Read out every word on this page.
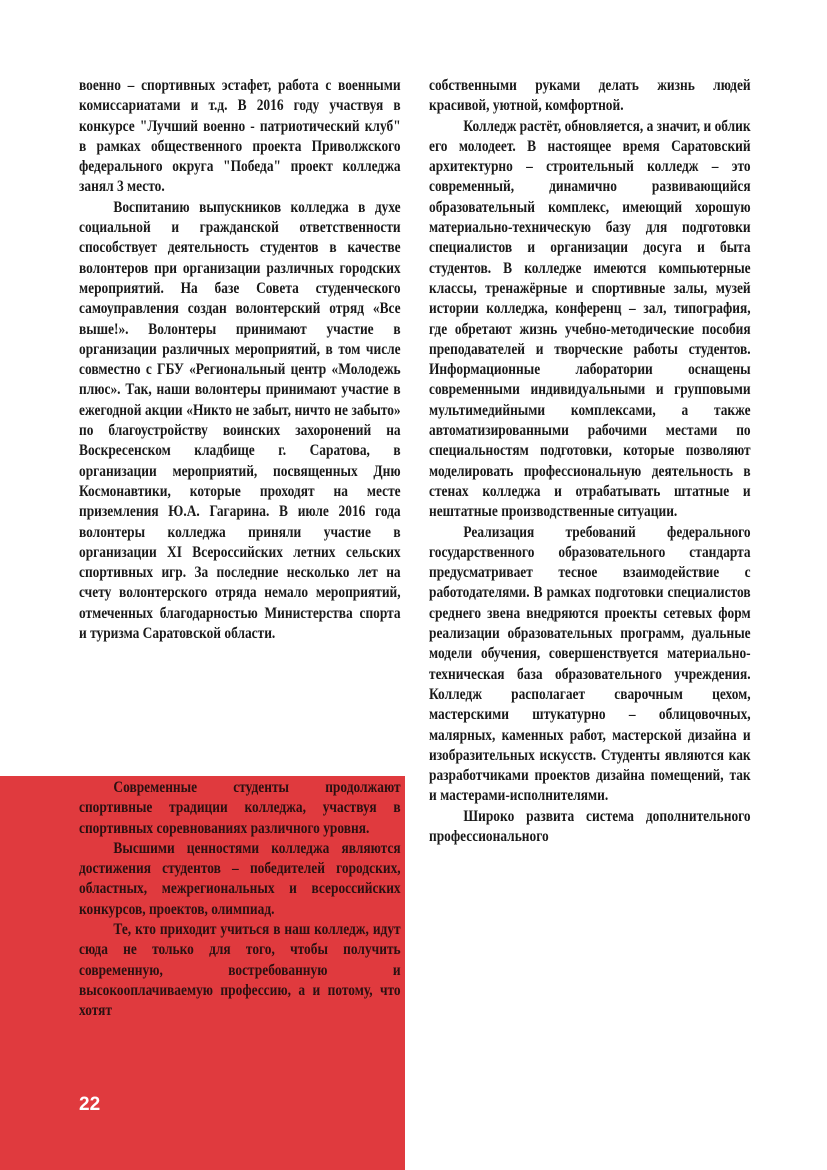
военно – спортивных эстафет, работа с военными комиссариатами и т.д. В 2016 году участвуя в конкурсе "Лучший военно - патриотический клуб" в рамках общественного проекта Приволжского федерального округа "Победа" проект колледжа занял 3 место.

Воспитанию выпускников колледжа в духе социальной и гражданской ответственности способствует деятельность студентов в качестве волонтеров при организации различных городских мероприятий. На базе Совета студенческого самоуправления создан волонтерский отряд «Все выше!». Волонтеры принимают участие в организации различных мероприятий, в том числе совместно с ГБУ «Региональный центр «Молодежь плюс». Так, наши волонтеры принимают участие в ежегодной акции «Никто не забыт, ничто не забыто» по благоустройству воинских захоронений на Воскресенском кладбище г. Саратова, в организации мероприятий, посвященных Дню Космонавтики, которые проходят на месте приземления Ю.А. Гагарина. В июле 2016 года волонтеры колледжа приняли участие в организации XI Всероссийских летних сельских спортивных игр. За последние несколько лет на счету волонтерского отряда немало мероприятий, отмеченных благодарностью Министерства спорта и туризма Саратовской области.

Современные студенты продолжают спортивные традиции колледжа, участвуя в спортивных соревнованиях различного уровня.

Высшими ценностями колледжа являются достижения студентов – победителей городских, областных, межрегиональных и всероссийских конкурсов, проектов, олимпиад.

Те, кто приходит учиться в наш колледж, идут сюда не только для того, чтобы получить современную, востребованную и высокооплачиваемую профессию, а и потому, что хотят

собственными руками делать жизнь людей красивой, уютной, комфортной.

Колледж растёт, обновляется, а значит, и облик его молодеет. В настоящее время Саратовский архитектурно – строительный колледж – это современный, динамично развивающийся образовательный комплекс, имеющий хорошую материально-техническую базу для подготовки специалистов и организации досуга и быта студентов. В колледже имеются компьютерные классы, тренажёрные и спортивные залы, музей истории колледжа, конференц – зал, типография, где обретают жизнь учебно-методические пособия преподавателей и творческие работы студентов. Информационные лаборатории оснащены современными индивидуальными и групповыми мультимедийными комплексами, а также автоматизированными рабочими местами по специальностям подготовки, которые позволяют моделировать профессиональную деятельность в стенах колледжа и отрабатывать штатные и нештатные производственные ситуации.

Реализация требований федерального государственного образовательного стандарта предусматривает тесное взаимодействие с работодателями. В рамках подготовки специалистов среднего звена внедряются проекты сетевых форм реализации образовательных программ, дуальные модели обучения, совершенствуется материально-техническая база образовательного учреждения. Колледж располагает сварочным цехом, мастерскими штукатурно – облицовочных, малярных, каменных работ, мастерской дизайна и изобразительных искусств. Студенты являются как разработчиками проектов дизайна помещений, так и мастерами-исполнителями.

Широко развита система дополнительного профессионального

22
